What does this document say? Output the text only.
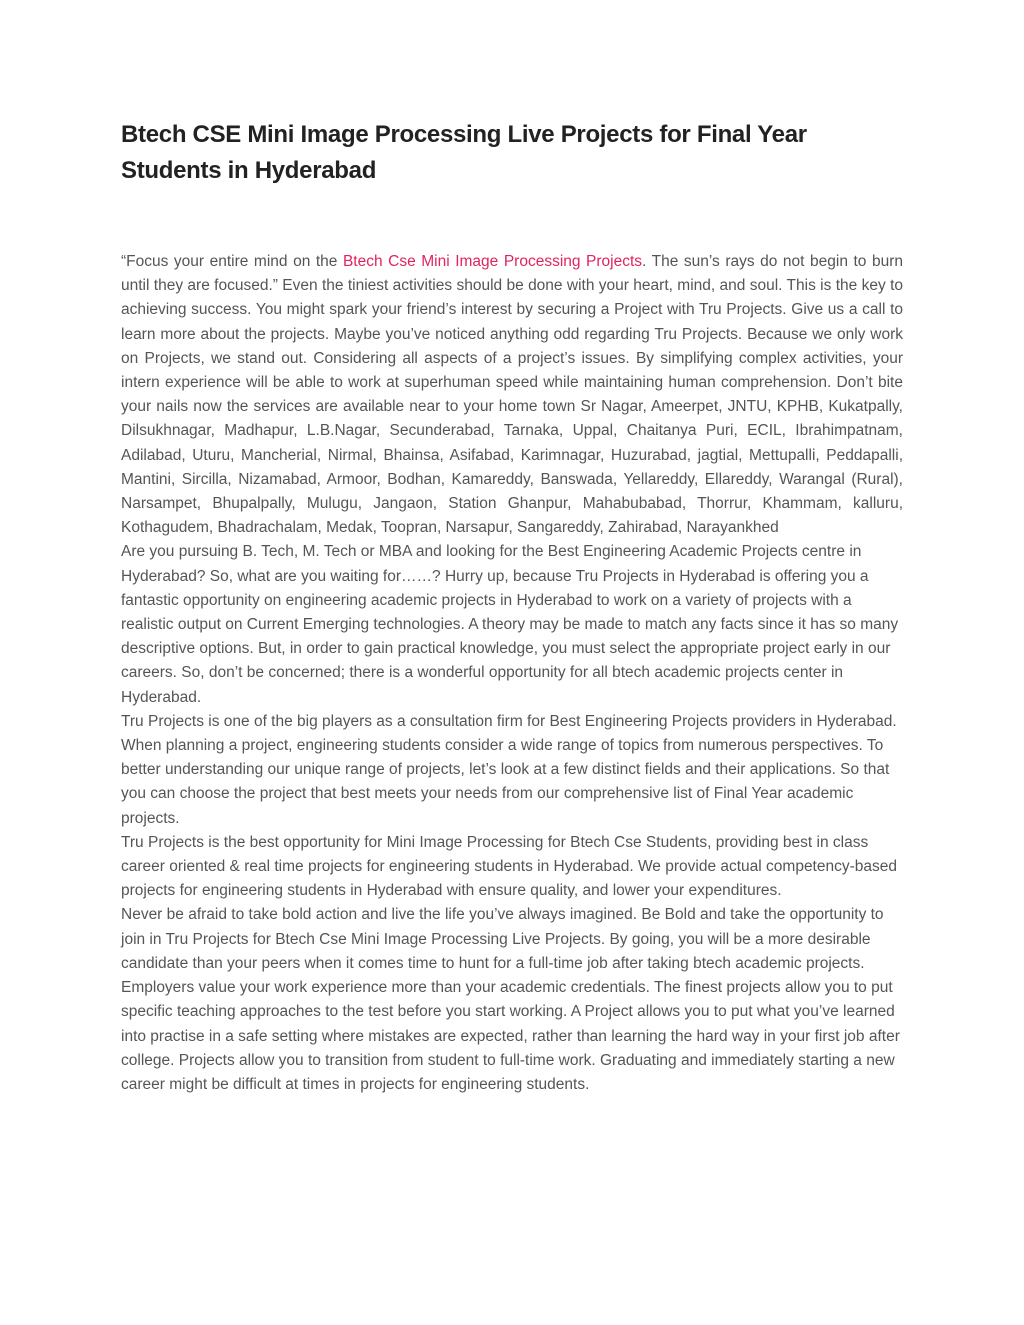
Btech CSE Mini Image Processing Live Projects for Final Year Students in Hyderabad

“Focus your entire mind on the Btech Cse Mini Image Processing Projects. The sun’s rays do not begin to burn until they are focused.” Even the tiniest activities should be done with your heart, mind, and soul. This is the key to achieving success. You might spark your friend’s interest by securing a Project with Tru Projects. Give us a call to learn more about the projects. Maybe you’ve noticed anything odd regarding Tru Projects. Because we only work on Projects, we stand out. Considering all aspects of a project’s issues. By simplifying complex activities, your intern experience will be able to work at superhuman speed while maintaining human comprehension. Don’t bite your nails now the services are available near to your home town Sr Nagar, Ameerpet, JNTU, KPHB, Kukatpally, Dilsukhnagar, Madhapur, L.B.Nagar, Secunderabad, Tarnaka, Uppal, Chaitanya Puri, ECIL, Ibrahimpatnam, Adilabad, Uturu, Mancherial, Nirmal, Bhainsa, Asifabad, Karimnagar, Huzurabad, jagtial, Mettupalli, Peddapalli, Mantini, Sircilla, Nizamabad, Armoor, Bodhan, Kamareddy, Banswada, Yellareddy, Ellareddy, Warangal (Rural), Narsampet, Bhupalpally, Mulugu, Jangaon, Station Ghanpur, Mahabubabad, Thorrur, Khammam, kalluru, Kothagudem, Bhadrachalam, Medak, Toopran, Narsapur, Sangareddy, Zahirabad, Narayankhed

Are you pursuing B. Tech, M. Tech or MBA and looking for the Best Engineering Academic Projects centre in Hyderabad? So, what are you waiting for……? Hurry up, because Tru Projects in Hyderabad is offering you a fantastic opportunity on engineering academic projects in Hyderabad to work on a variety of projects with a realistic output on Current Emerging technologies. A theory may be made to match any facts since it has so many descriptive options. But, in order to gain practical knowledge, you must select the appropriate project early in our careers. So, don’t be concerned; there is a wonderful opportunity for all btech academic projects center in Hyderabad.

Tru Projects is one of the big players as a consultation firm for Best Engineering Projects providers in Hyderabad. When planning a project, engineering students consider a wide range of topics from numerous perspectives. To better understanding our unique range of projects, let’s look at a few distinct fields and their applications. So that you can choose the project that best meets your needs from our comprehensive list of Final Year academic projects.

Tru Projects is the best opportunity for Mini Image Processing for Btech Cse Students, providing best in class career oriented & real time projects for engineering students in Hyderabad. We provide actual competency-based projects for engineering students in Hyderabad with ensure quality, and lower your expenditures.

Never be afraid to take bold action and live the life you’ve always imagined. Be Bold and take the opportunity to join in Tru Projects for Btech Cse Mini Image Processing Live Projects. By going, you will be a more desirable candidate than your peers when it comes time to hunt for a full-time job after taking btech academic projects. Employers value your work experience more than your academic credentials. The finest projects allow you to put specific teaching approaches to the test before you start working. A Project allows you to put what you’ve learned into practise in a safe setting where mistakes are expected, rather than learning the hard way in your first job after college. Projects allow you to transition from student to full-time work. Graduating and immediately starting a new career might be difficult at times in projects for engineering students.
